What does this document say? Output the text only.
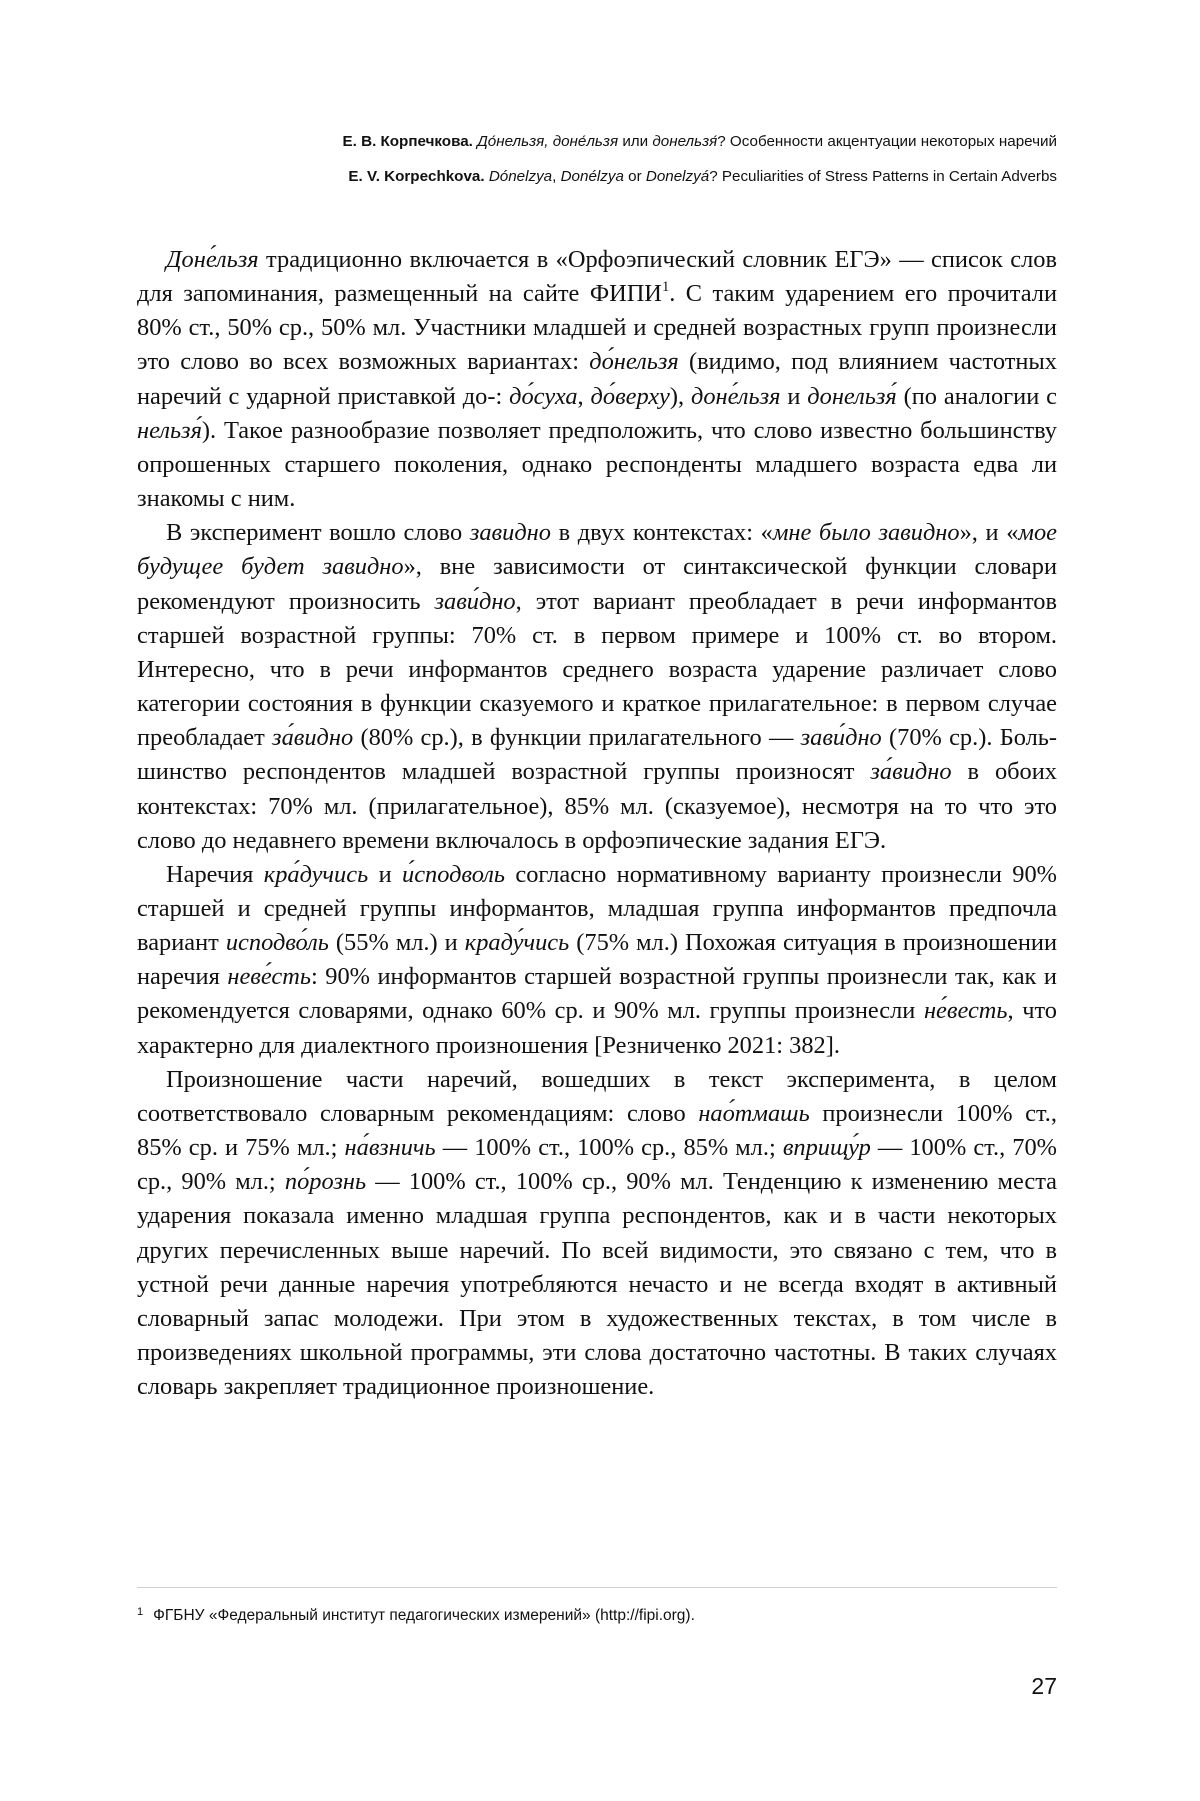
Е. В. Корпечкова. До́нельзя, доне́льзя или донельзя́? Особенности акцентуации некоторых наречий
E. V. Korpechkova. Dónelzya, Donélzya or Donelzyá? Peculiarities of Stress Patterns in Certain Adverbs

Доне́льзя традиционно включается в «Орфоэпический словник ЕГЭ» — список слов для запоминания, размещенный на сайте ФИПИ$^1$. С таким ударением его прочитали 80% ст., 50% ср., 50% мл. Участники младшей и средней возрастных групп произнесли это слово во всех возможных вариантах: до́нельзя (видимо, под влиянием частотных наречий с ударной приставкой до-: до́суха, до́верху), доне́льзя и донельзя́ (по аналогии с нельзя́). Такое разнообразие позволяет предположить, что слово известно большинству опрошенных старшего поколения, однако респонденты младшего возраста едва ли знакомы с ним.

В эксперимент вошло слово завидно в двух контекстах: «мне было завидно», и «мое будущее будет завидно», вне зависимости от синтаксической функции словари рекомендуют произносить зави́дно, этот вариант преобладает в речи информантов старшей возрастной группы: 70% ст. в первом примере и 100% ст. во втором. Интересно, что в речи информантов среднего возраста ударение различает слово категории состояния в функции сказуемого и краткое прилагательное: в первом случае преобладает за́видно (80% ср.), в функции прилагательного — зави́дно (70% ср.). Большинство респондентов младшей возрастной группы произносят за́видно в обоих контекстах: 70% мл. (прилагательное), 85% мл. (сказуемое), несмотря на то что это слово до недавнего времени включалось в орфоэпические задания ЕГЭ.

Наречия кра́дучись и и́сподволь согласно нормативному варианту произнесли 90% старшей и средней группы информантов, младшая группа информантов предпочла вариант исподво́ль (55% мл.) и краду́чись (75% мл.) Похожая ситуация в произношении наречия неве́сть: 90% информантов старшей возрастной группы произнесли так, как и рекомендуется словарями, однако 60% ср. и 90% мл. группы произнесли не́весть, что характерно для диалектного произношения [Резниченко 2021: 382].

Произношение части наречий, вошедших в текст эксперимента, в целом соответствовало словарным рекомендациям: слово нао́тмашь произнесли 100% ст., 85% ср. и 75% мл.; на́взничь — 100% ст., 100% ср., 85% мл.; вприщу́р — 100% ст., 70% ср., 90% мл.; по́рознь — 100% ст., 100% ср., 90% мл. Тенденцию к изменению места ударения показала именно младшая группа респондентов, как и в части некоторых других перечисленных выше наречий. По всей видимости, это связано с тем, что в устной речи данные наречия употребляются нечасто и не всегда входят в активный словарный запас молодежи. При этом в художественных текстах, в том числе в произведениях школьной программы, эти слова достаточно частотны. В таких случаях словарь закрепляет традиционное произношение.

$^1$ ФГБНУ «Федеральный институт педагогических измерений» (http://fipi.org).
27
